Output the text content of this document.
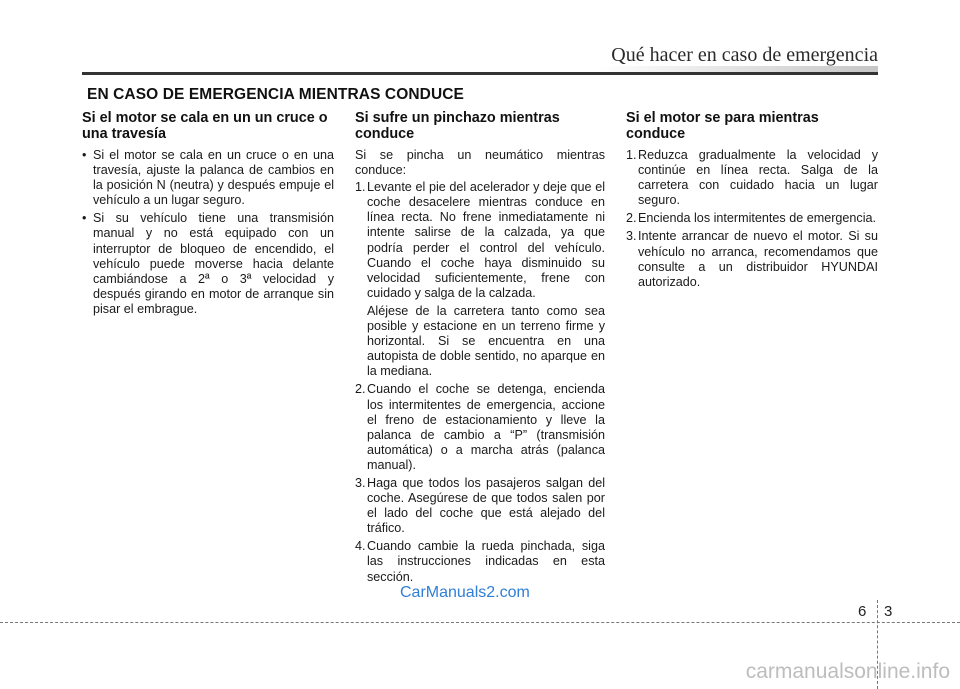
Qué hacer en caso de emergencia
EN CASO DE EMERGENCIA MIENTRAS CONDUCE
Si el motor se cala en un un cruce o una travesía
• Si el motor se cala en un cruce o en una travesía, ajuste la palanca de cambios en la posición N (neutra) y después empuje el vehículo a un lugar seguro.
• Si su vehículo tiene una transmisión manual y no está equipado con un interruptor de bloqueo de encendido, el vehículo puede moverse hacia delante cambiándose a 2ª o 3ª velocidad y después girando en motor de arranque sin pisar el embrague.
Si sufre un pinchazo mientras conduce

Si se pincha un neumático mientras conduce:

1. Levante el pie del acelerador y deje que el coche desacelere mientras conduce en línea recta. No frene inmediatamente ni intente salirse de la calzada, ya que podría perder el control del vehículo. Cuando el coche haya disminuido su velocidad suficientemente, frene con cuidado y salga de la calzada.

Aléjese de la carretera tanto como sea posible y estacione en un terreno firme y horizontal. Si se encuentra en una autopista de doble sentido, no aparque en la mediana.

2. Cuando el coche se detenga, encienda los intermitentes de emergencia, accione el freno de estacionamiento y lleve la palanca de cambio a “P” (transmisión automática) o a marcha atrás (palanca manual).
3. Haga que todos los pasajeros salgan del coche. Asegúrese de que todos salen por el lado del coche que está alejado del tráfico.
4. Cuando cambie la rueda pinchada, siga las instrucciones indicadas en esta sección.
Si el motor se para mientras conduce
1. Reduzca gradualmente la velocidad y continúe en línea recta. Salga de la carretera con cuidado hacia un lugar seguro.
2. Encienda los intermitentes de emergencia.
3. Intente arrancar de nuevo el motor. Si su vehículo no arranca, recomendamos que consulte a un distribuidor HYUNDAI autorizado.
CarManuals2.com
6 3
carmanualsonline.info
